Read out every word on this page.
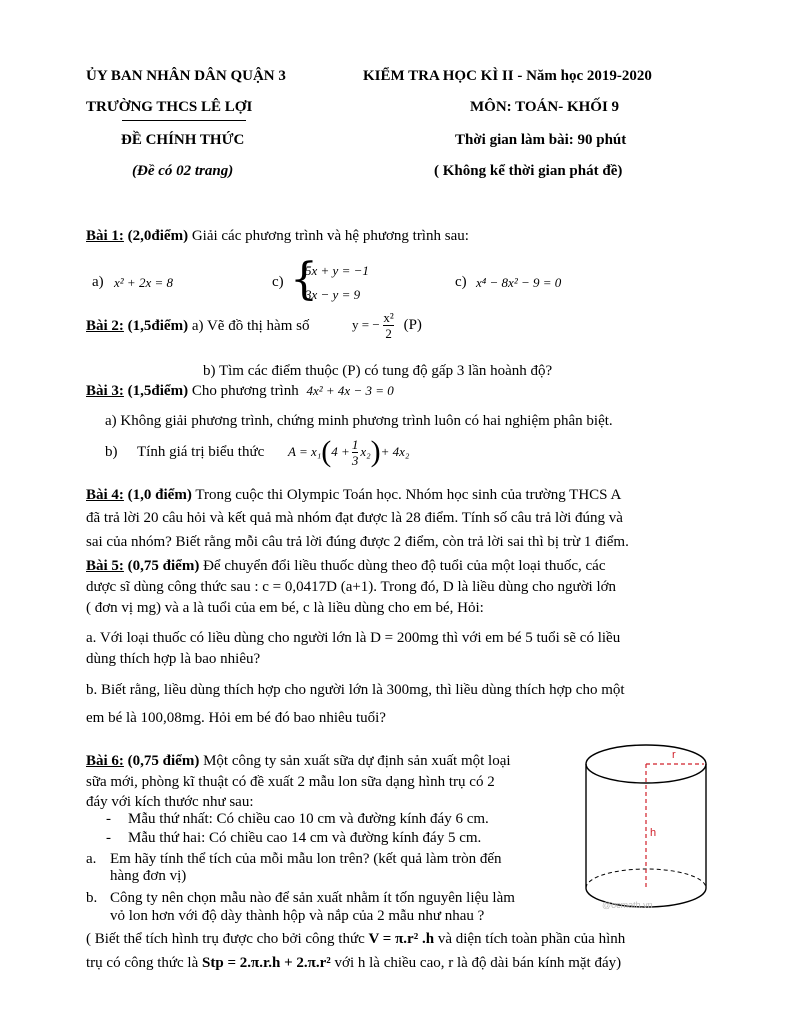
ỦY BAN NHÂN DÂN QUẬN 3	KIỂM TRA HỌC KÌ II - Năm học 2019-2020
TRƯỜNG THCS LÊ LỢI	MÔN: TOÁN- KHỐI 9
ĐỀ CHÍNH THỨC	Thời gian làm bài: 90 phút
(Đề có 02 trang)	( Không kể thời gian phát đề)
Bài 1: (2,0điểm) Giải các phương trình và hệ phương trình sau:
a) x² + 2x = 8	c) {
5x + y = −1
3x − y = 9
c) x⁴ − 8x² − 9 = 0
Bài 2: (1,5điểm) a) Vẽ đồ thị hàm số	y = − $\frac{\text{x²}}{2} (P)$
b) Tìm các điểm thuộc (P) có tung độ gấp 3 lần hoành độ?
Bài 3: (1,5điểm) Cho phương trình 4x² + 4x − 3 = 0
a) Không giải phương trình, chứng minh phương trình luôn có hai nghiệm phân biệt.
b) Tính giá trị biểu thức A = x₁ ( $4 + \frac{1}{3} x_2$ ) + 4x₂
Bài 4: (1,0 điểm) Trong cuộc thi Olympic Toán học. Nhóm học sinh của trường THCS A
đã trả lời 20 câu hỏi và kết quả mà nhóm đạt được là 28 điểm. Tính số câu trả lời đúng và
sai của nhóm? Biết rằng mỗi câu trả lời đúng được 2 điểm, còn trả lời sai thì bị trừ 1 điểm.
Bài 5: (0,75 điểm) Để chuyển đổi liều thuốc dùng theo độ tuổi của một loại thuốc, các
dược sĩ dùng công thức sau : c = 0,0417D (a+1). Trong đó, D là liều dùng cho người lớn
( đơn vị mg) và a là tuổi của em bé, c là liều dùng cho em bé, Hỏi:
a. Với loại thuốc có liều dùng cho người lớn là D = 200mg thì với em bé 5 tuổi sẽ có liều
dùng thích hợp là bao nhiêu?
b. Biết rằng, liều dùng thích hợp cho người lớn là 300mg, thì liều dùng thích hợp cho một
em bé là 100,08mg. Hỏi em bé đó bao nhiêu tuổi?
Bài 6: (0,75 điểm) Một công ty sản xuất sữa dự định sản xuất một loại
sữa mới, phòng kĩ thuật có đề xuất 2 mẫu lon sữa dạng hình trụ có 2
đáy với kích thước như sau:
- Mẫu thứ nhất: Có chiều cao 10 cm và đường kính đáy 6 cm.
- Mẫu thứ hai: Có chiều cao 14 cm và đường kính đáy 5 cm.
a. Em hãy tính thể tích của mỗi mẫu lon trên? (kết quả làm tròn đến
hàng đơn vị)
b. Công ty nên chọn mẫu nào để sản xuất nhằm ít tốn nguyên liệu làm
vỏ lon hơn với độ dày thành hộp và nắp của 2 mẫu như nhau ?
( Biết thể tích hình trụ được cho bởi công thức V = π.r² .h và diện tích toàn phần của hình
trụ có công thức là Stp = 2.π.r.h + 2.π.r² với h là chiều cao, r là độ dài bán kính mặt đáy)
r
h
@ocmath.vn
